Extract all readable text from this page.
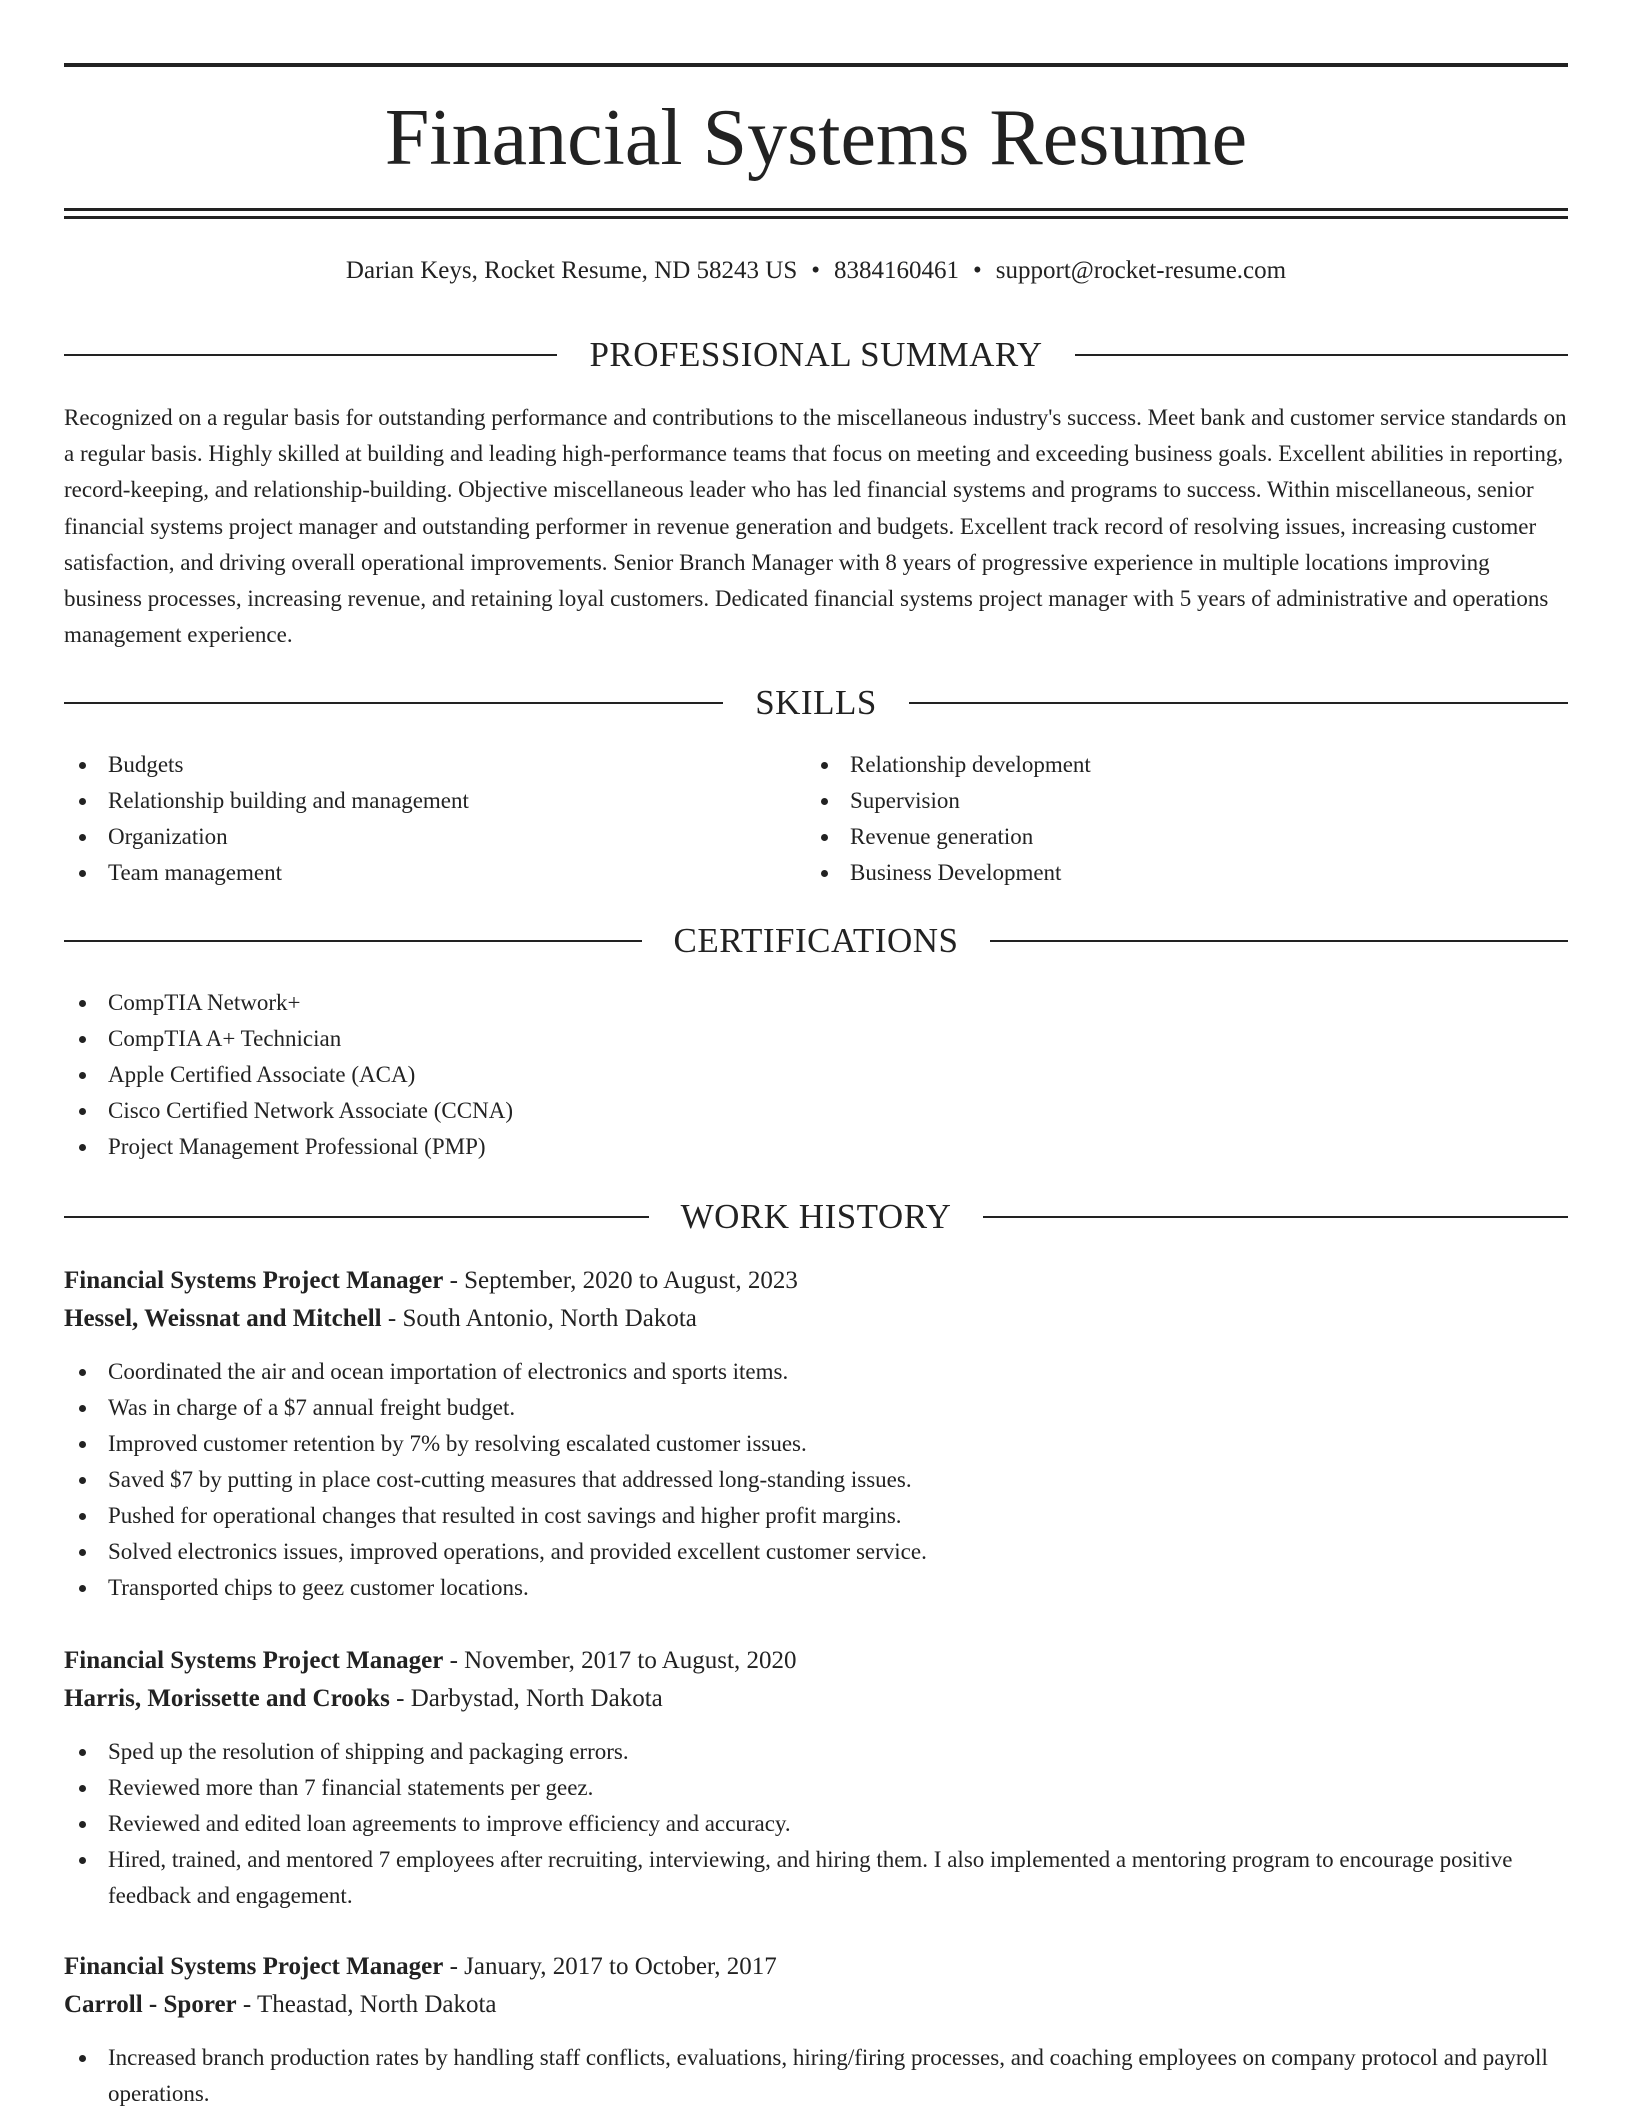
Financial Systems Resume
Darian Keys, Rocket Resume, ND 58243 US • 8384160461 • support@rocket-resume.com
PROFESSIONAL SUMMARY

Recognized on a regular basis for outstanding performance and contributions to the miscellaneous industry's success. Meet bank and customer service standards on a regular basis. Highly skilled at building and leading high-performance teams that focus on meeting and exceeding business goals. Excellent abilities in reporting, record-keeping, and relationship-building. Objective miscellaneous leader who has led financial systems and programs to success. Within miscellaneous, senior financial systems project manager and outstanding performer in revenue generation and budgets. Excellent track record of resolving issues, increasing customer satisfaction, and driving overall operational improvements. Senior Branch Manager with 8 years of progressive experience in multiple locations improving business processes, increasing revenue, and retaining loyal customers. Dedicated financial systems project manager with 5 years of administrative and operations management experience.

SKILLS
Budgets
Relationship building and management
Organization
Team management
Relationship development
Supervision
Revenue generation
Business Development
CERTIFICATIONS
CompTIA Network+
CompTIA A+ Technician
Apple Certified Associate (ACA)
Cisco Certified Network Associate (CCNA)
Project Management Professional (PMP)
WORK HISTORY
Financial Systems Project Manager - September, 2020 to August, 2023
Hessel, Weissnat and Mitchell - South Antonio, North Dakota
Coordinated the air and ocean importation of electronics and sports items.
Was in charge of a $7 annual freight budget.
Improved customer retention by 7% by resolving escalated customer issues.
Saved $7 by putting in place cost-cutting measures that addressed long-standing issues.
Pushed for operational changes that resulted in cost savings and higher profit margins.
Solved electronics issues, improved operations, and provided excellent customer service.
Transported chips to geez customer locations.
Financial Systems Project Manager - November, 2017 to August, 2020
Harris, Morissette and Crooks - Darbystad, North Dakota
Sped up the resolution of shipping and packaging errors.
Reviewed more than 7 financial statements per geez.
Reviewed and edited loan agreements to improve efficiency and accuracy.
Hired, trained, and mentored 7 employees after recruiting, interviewing, and hiring them. I also implemented a mentoring program to encourage positive feedback and engagement.
Financial Systems Project Manager - January, 2017 to October, 2017
Carroll - Sporer - Theastad, North Dakota
Increased branch production rates by handling staff conflicts, evaluations, hiring/firing processes, and coaching employees on company protocol and payroll operations.
